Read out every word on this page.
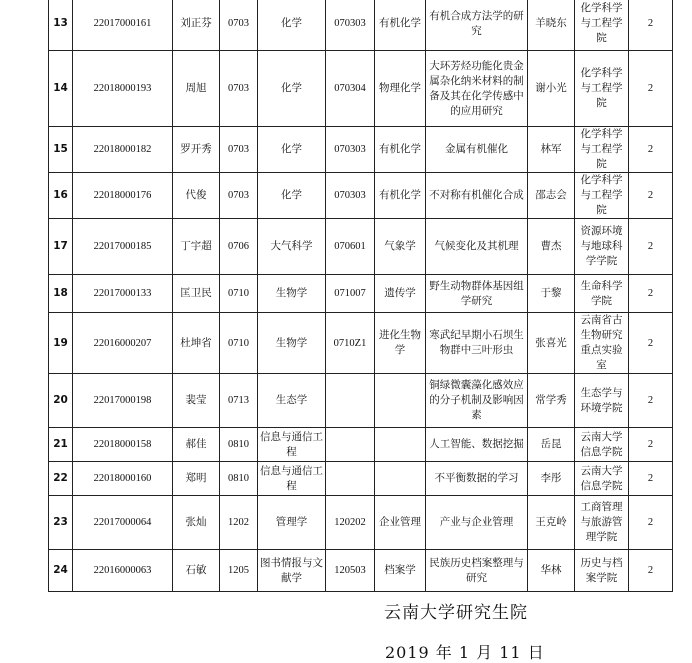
13	22017000161	刘正芬	0703	化学	070303	有机化学	有机合成方法学的研究	羊晓东	化学科学与工程学院	2
14	22018000193	周旭	0703	化学	070304	物理化学	大环芳烃功能化贵金属杂化纳米材料的制备及其在化学传感中的应用研究	谢小光	化学科学与工程学院	2
15	22018000182	罗开秀	0703	化学	070303	有机化学	金属有机催化	林军	化学科学与工程学院	2
16	22018000176	代俊	0703	化学	070303	有机化学	不对称有机催化合成	邵志会	化学科学与工程学院	2
17	22017000185	丁宇超	0706	大气科学	070601	气象学	气候变化及其机理	曹杰	资源环境与地球科学学院	2
18	22017000133	匡卫民	0710	生物学	071007	遗传学	野生动物群体基因组学研究	于黎	生命科学学院	2
19	22016000207	杜坤省	0710	生物学	0710Z1	进化生物学	寒武纪早期小石坝生物群中三叶形虫	张喜光	云南省古生物研究重点实验室	2
20	22017000198	裴莹	0713	生态学			铜绿微囊藻化感效应的分子机制及影响因素	常学秀	生态学与环境学院	2
21	22018000158	郝佳	0810	信息与通信工程			人工智能、数据挖掘	岳昆	云南大学信息学院	2
22	22018000160	郑明	0810	信息与通信工程			不平衡数据的学习	李彤	云南大学信息学院	2
23	22017000064	张灿	1202	管理学	120202	企业管理	产业与企业管理	王克岭	工商管理与旅游管理学院	2
24	22016000063	石敏	1205	图书情报与文献学	120503	档案学	民族历史档案整理与研究	华林	历史与档案学院	2
云南大学研究生院
2019 年 1 月 11 日
